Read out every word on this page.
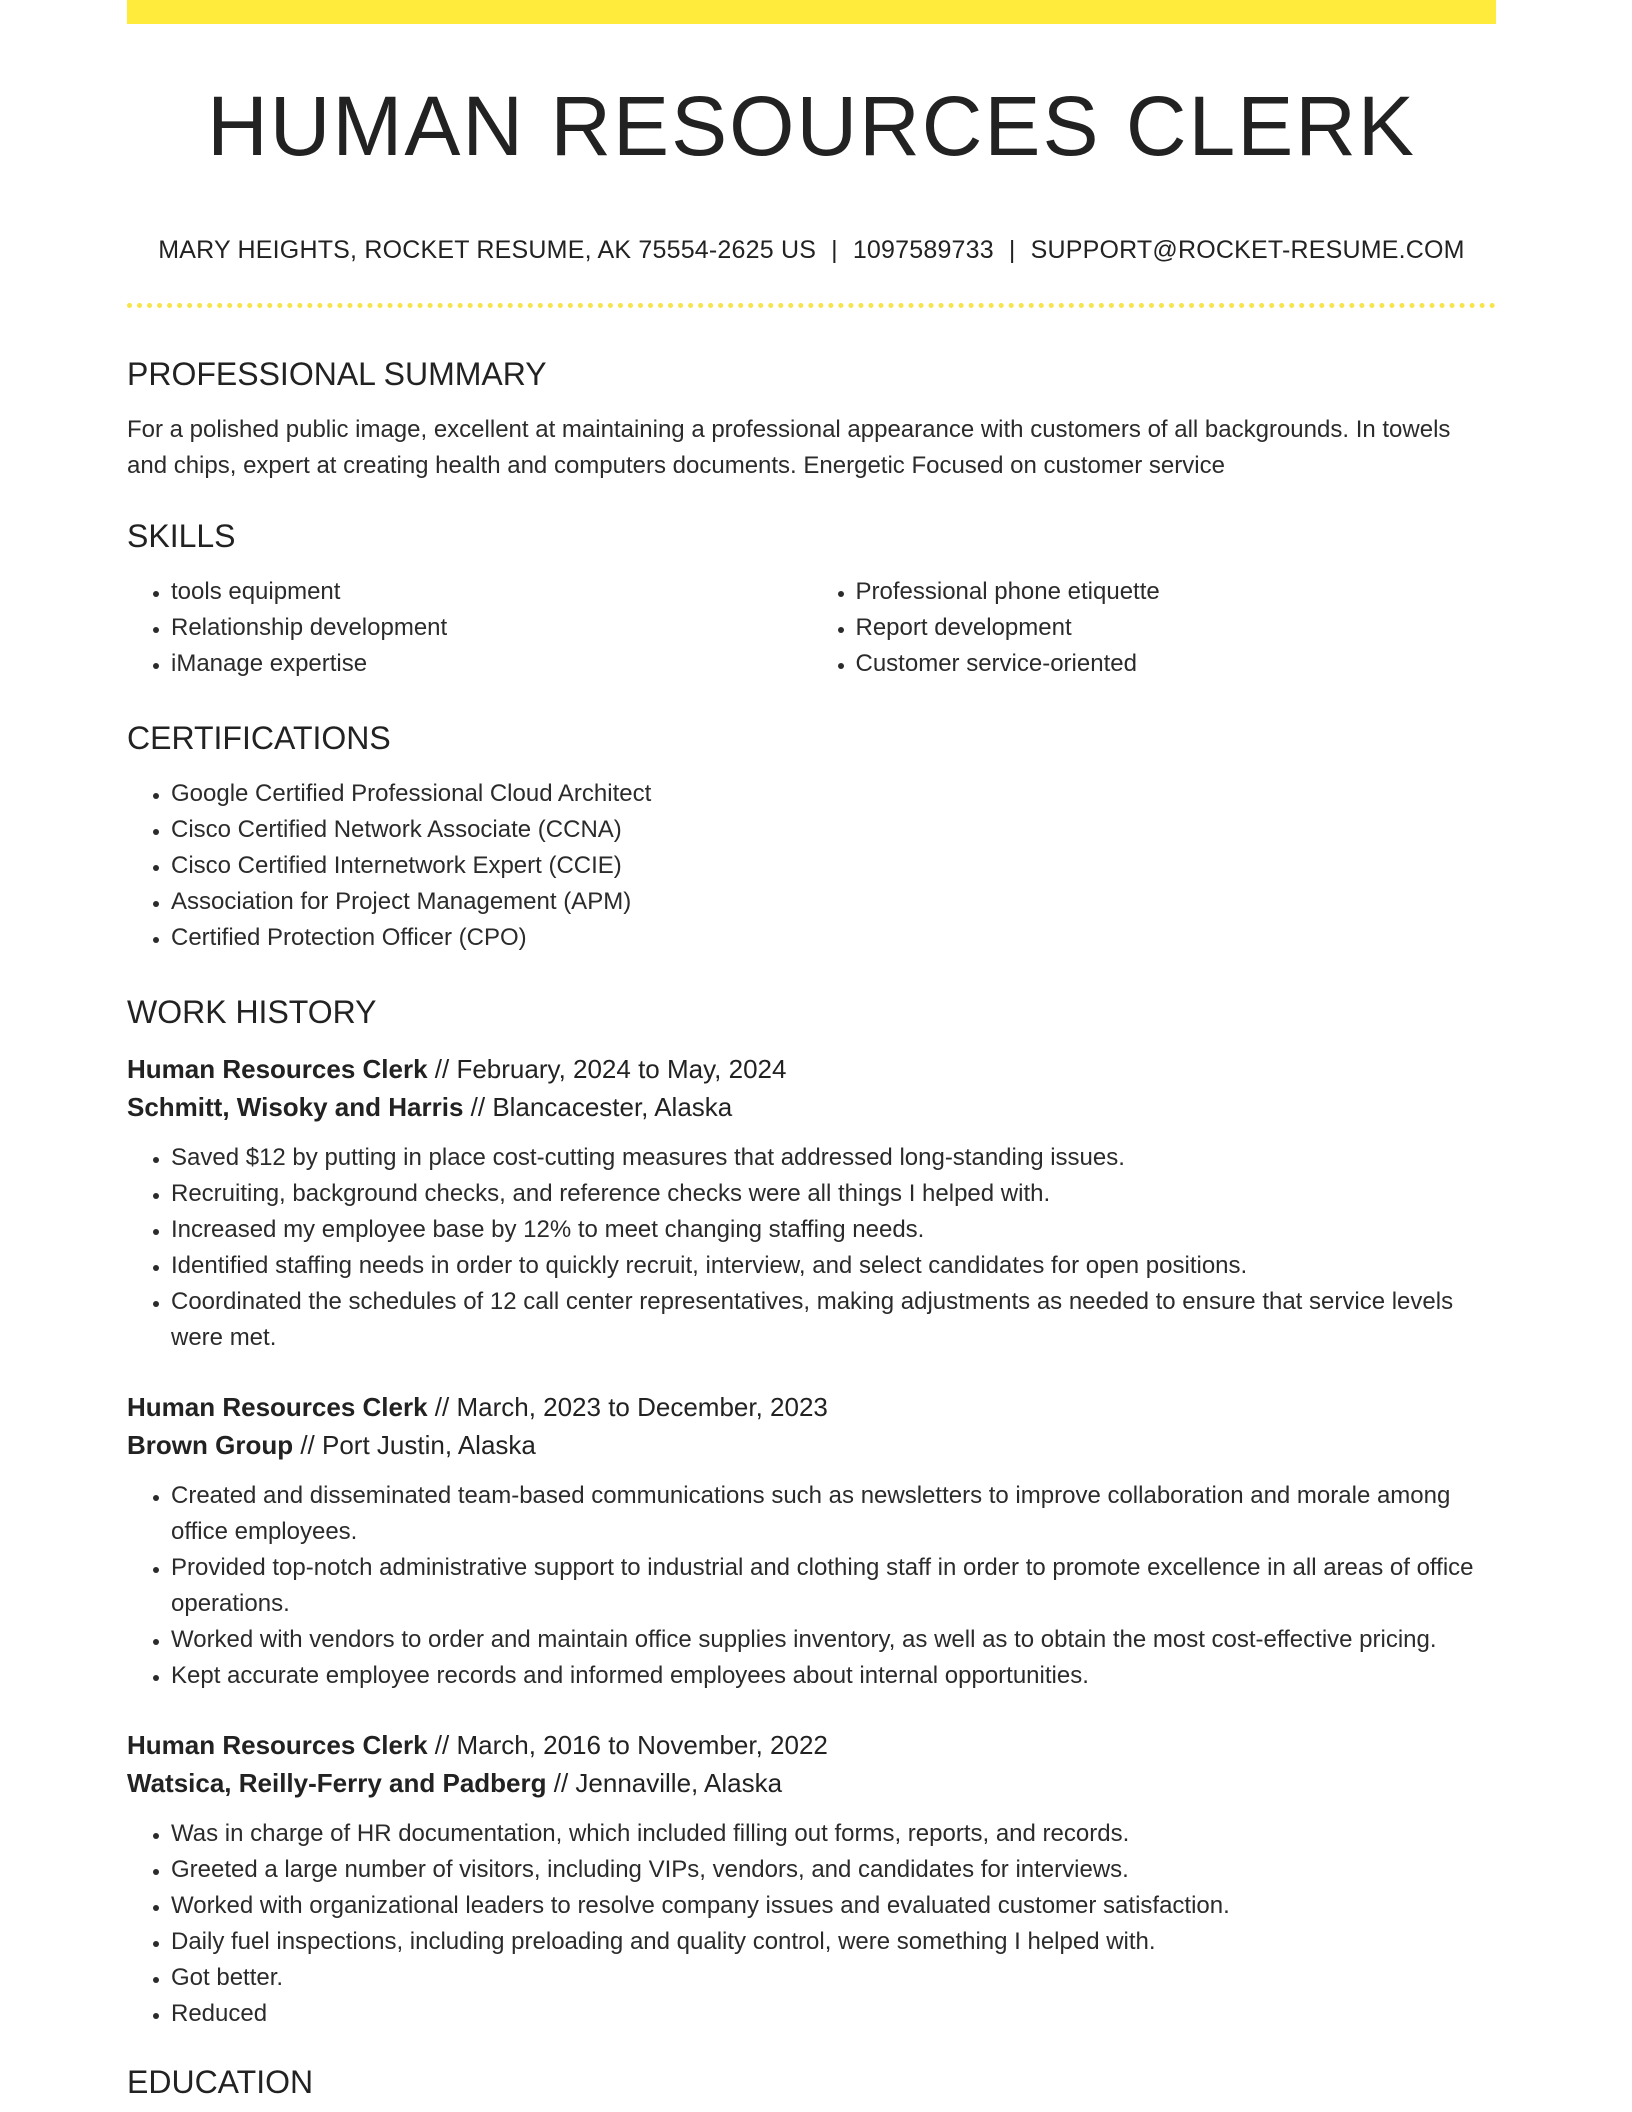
HUMAN RESOURCES CLERK
MARY HEIGHTS, ROCKET RESUME, AK 75554-2625 US | 1097589733 | SUPPORT@ROCKET-RESUME.COM
PROFESSIONAL SUMMARY

For a polished public image, excellent at maintaining a professional appearance with customers of all backgrounds. In towels and chips, expert at creating health and computers documents. Energetic Focused on customer service

SKILLS
• tools equipment
• Relationship development
• iManage expertise
• Professional phone etiquette
• Report development
• Customer service-oriented
CERTIFICATIONS
• Google Certified Professional Cloud Architect
• Cisco Certified Network Associate (CCNA)
• Cisco Certified Internetwork Expert (CCIE)
• Association for Project Management (APM)
• Certified Protection Officer (CPO)
WORK HISTORY
Human Resources Clerk // February, 2024 to May, 2024
Schmitt, Wisoky and Harris // Blancacester, Alaska
• Saved $12 by putting in place cost-cutting measures that addressed long-standing issues.
• Recruiting, background checks, and reference checks were all things I helped with.
• Increased my employee base by 12% to meet changing staffing needs.
• Identified staffing needs in order to quickly recruit, interview, and select candidates for open positions.
• Coordinated the schedules of 12 call center representatives, making adjustments as needed to ensure that service levels were met.
Human Resources Clerk // March, 2023 to December, 2023
Brown Group // Port Justin, Alaska
• Created and disseminated team-based communications such as newsletters to improve collaboration and morale among office employees.
• Provided top-notch administrative support to industrial and clothing staff in order to promote excellence in all areas of office operations.
• Worked with vendors to order and maintain office supplies inventory, as well as to obtain the most cost-effective pricing.
• Kept accurate employee records and informed employees about internal opportunities.
Human Resources Clerk // March, 2016 to November, 2022
Watsica, Reilly-Ferry and Padberg // Jennaville, Alaska
• Was in charge of HR documentation, which included filling out forms, reports, and records.
• Greeted a large number of visitors, including VIPs, vendors, and candidates for interviews.
• Worked with organizational leaders to resolve company issues and evaluated customer satisfaction.
• Daily fuel inspections, including preloading and quality control, were something I helped with.
• Got better.
• Reduced
EDUCATION
